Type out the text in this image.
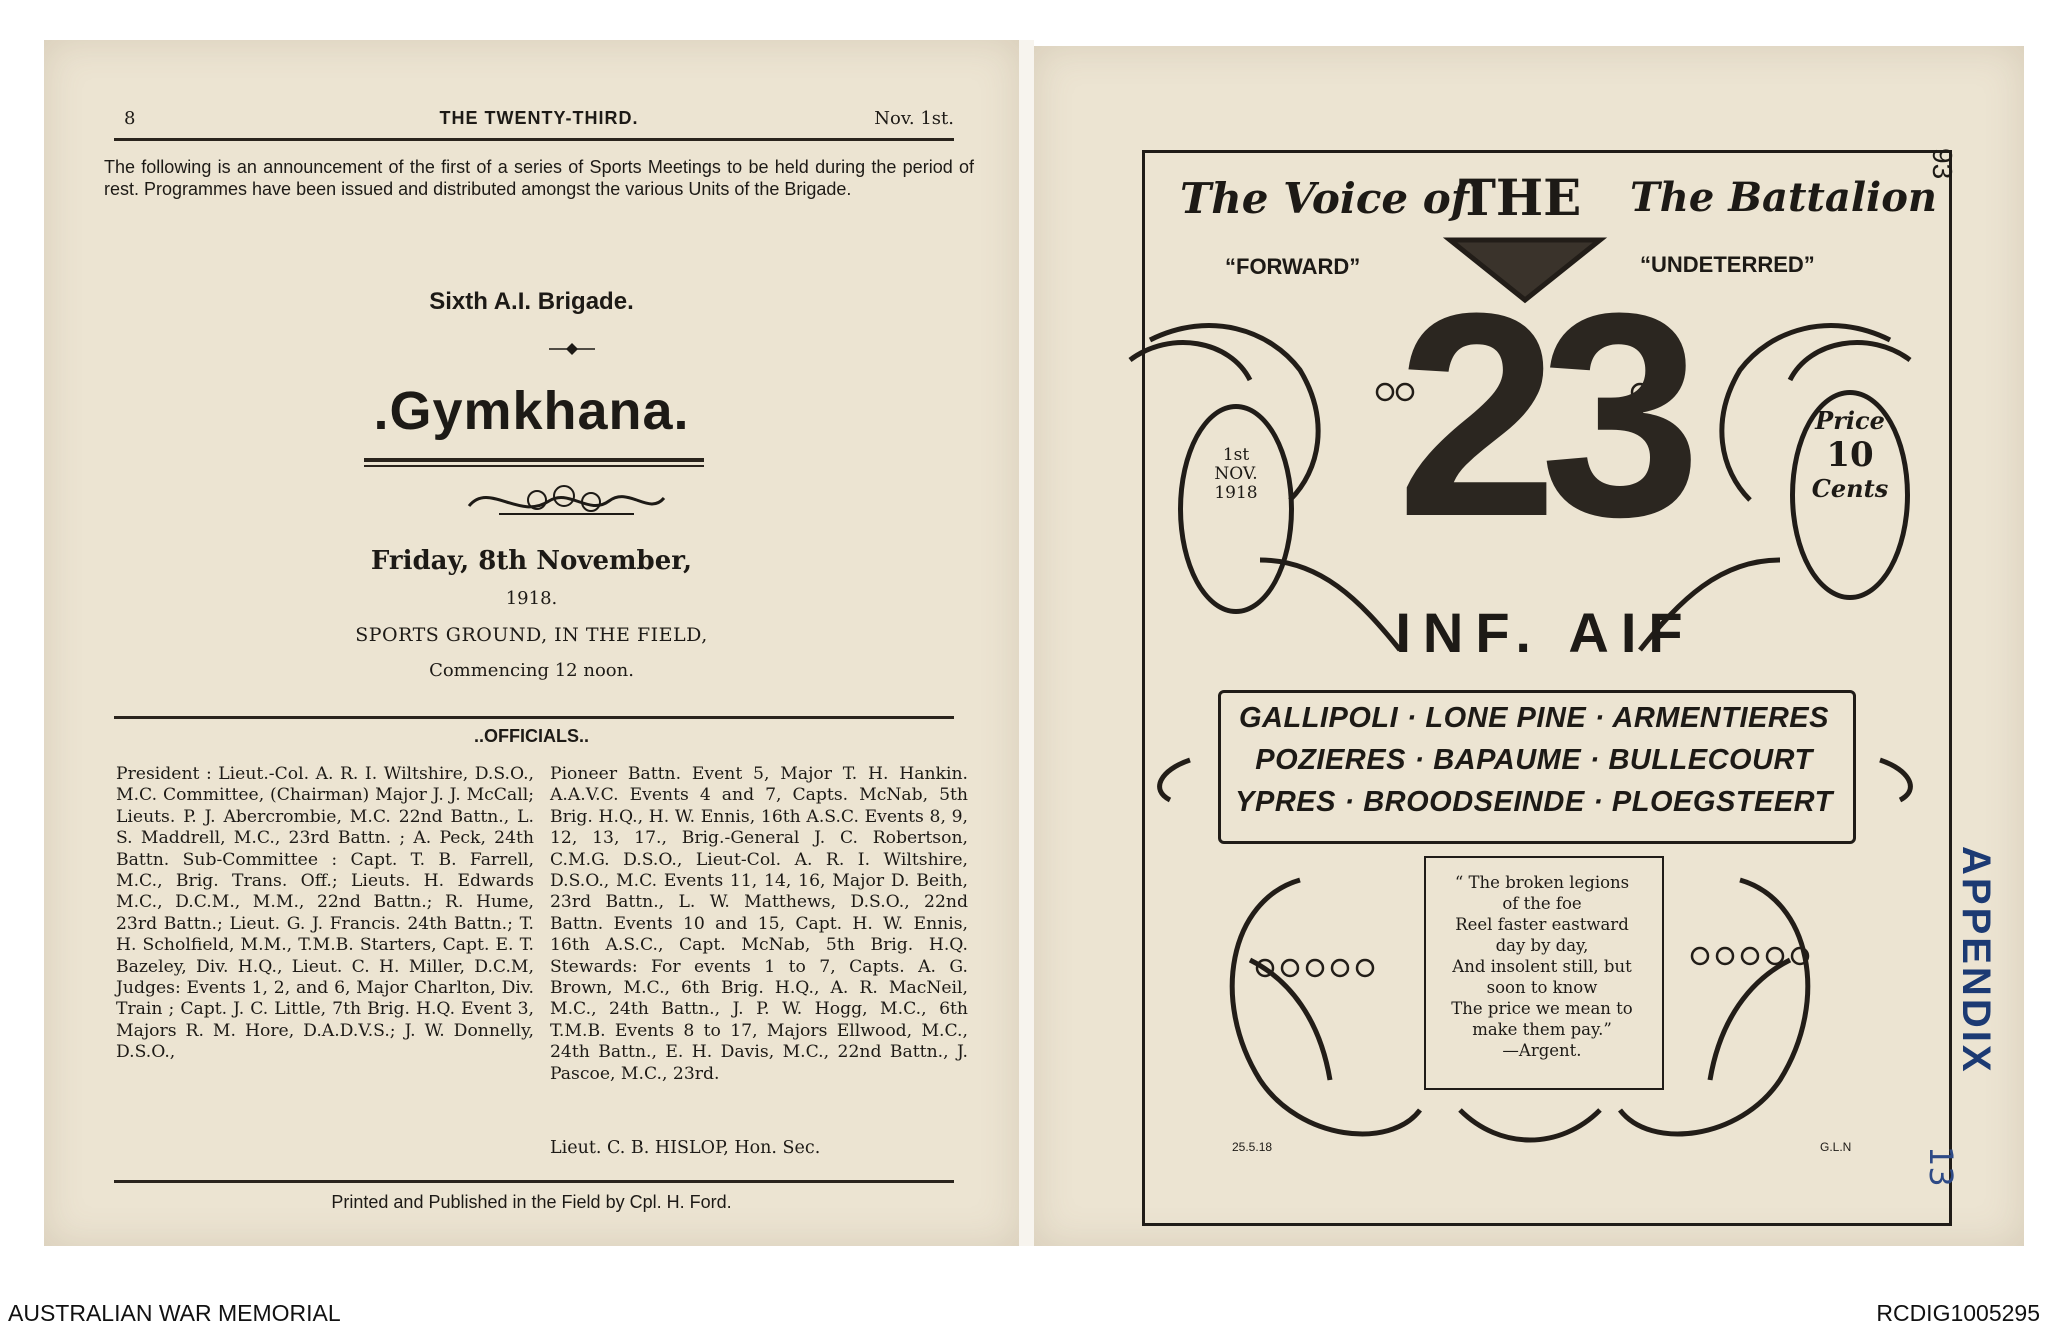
8	THE TWENTY-THIRD.	Nov. 1st.
The following is an announcement of the first of a series of Sports Meetings to be held during the period of rest. Programmes have been issued and distributed amongst the various Units of the Brigade.
Sixth A.I. Brigade.
.Gymkhana.
Friday, 8th November,
1918.
SPORTS GROUND, IN THE FIELD,
Commencing 12 noon.
..OFFICIALS..
President : Lieut.-Col. A. R. I. Wiltshire, D.S.O., M.C. Committee, (Chairman) Major J. J. McCall; Lieuts. P. J. Abercrombie, M.C. 22nd Battn., L. S. Maddrell, M.C., 23rd Battn. ; A. Peck, 24th Battn. Sub-Committee : Capt. T. B. Farrell, M.C., Brig. Trans. Off.; Lieuts. H. Edwards M.C., D.C.M., M.M., 22nd Battn.; R. Hume, 23rd Battn.; Lieut. G. J. Francis. 24th Battn.; T. H. Scholfield, M.M., T.M.B. Starters, Capt. E. T. Bazeley, Div. H.Q., Lieut. C. H. Miller, D.C.M, Judges: Events 1, 2, and 6, Major Charlton, Div. Train ; Capt. J. C. Little, 7th Brig. H.Q. Event 3, Majors R. M. Hore, D.A.D.V.S.; J. W. Donnelly, D.S.O.,
Pioneer Battn. Event 5, Major T. H. Hankin. A.A.V.C. Events 4 and 7, Capts. McNab, 5th Brig. H.Q., H. W. Ennis, 16th A.S.C. Events 8, 9, 12, 13, 17., Brig.-General J. C. Robertson, C.M.G. D.S.O., Lieut-Col. A. R. I. Wiltshire, D.S.O., M.C. Events 11, 14, 16, Major D. Beith, 23rd Battn., L. W. Matthews, D.S.O., 22nd Battn. Events 10 and 15, Capt. H. W. Ennis, 16th A.S.C., Capt. McNab, 5th Brig. H.Q. Stewards: For events 1 to 7, Capts. A. G. Brown, M.C., 6th Brig. H.Q., A. R. MacNeil, M.C., 24th Battn., J. P. W. Hogg, M.C., 6th T.M.B. Events 8 to 17, Majors Ellwood, M.C., 24th Battn., E. H. Davis, M.C., 22nd Battn., J. Pascoe, M.C., 23rd.
Lieut. C. B. HISLOP, Hon. Sec.
Printed and Published in the Field by Cpl. H. Ford.
The Voice of
THE	The Battalion
“FORWARD”	“UNDETERRED”
23
1st
NOV.
1918
Price
10
Cents
INF. AIF
GALLIPOLI · LONE PINE · ARMENTIERES
POZIERES · BAPAUME · BULLECOURT
YPRES · BROODSEINDE · PLOEGSTEERT
“ The broken legions
of the foe
Reel faster eastward
day by day,
And insolent still, but
soon to know
The price we mean to
make them pay.”
—Argent.
25.5.18	G.L.N
93
APPENDIX
13
AUSTRALIAN WAR MEMORIAL	RCDIG1005295
